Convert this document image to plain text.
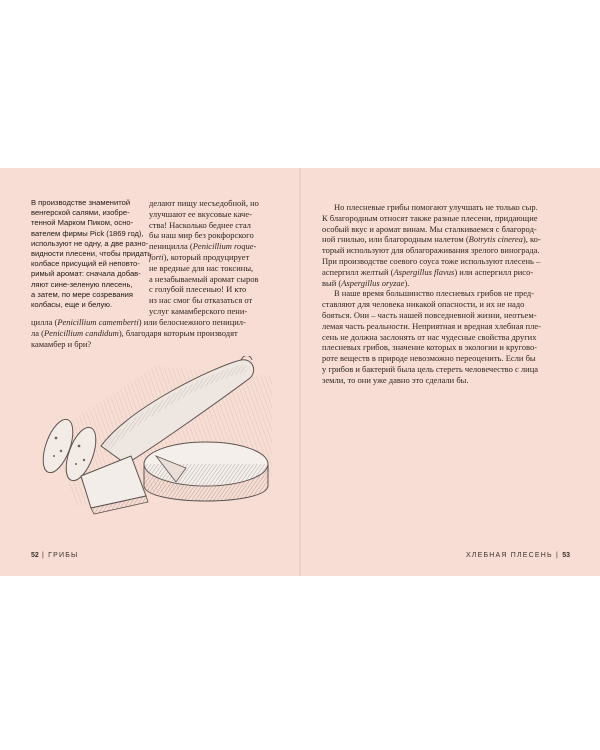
В производстве знаменитой
венгерской салями, изобре-
тенной Марком Пиком, осно-
вателем фирмы Pick (1869 год),
используют не одну, а две разно-
видности плесени, чтобы придать
колбасе присущий ей неповто-
римый аромат: сначала добав-
ляют сине-зеленую плесень,
а затем, по мере созревания
колбасы, еще и белую.
делают пищу несъедобной, но
улучшают ее вкусовые каче-
ства! Насколько беднее стал
бы наш мир без рокфорского
пеницилла (Penicillium roque-
forti), который продуцирует
не вредные для нас токсины,
а незабываемый аромат сыров
с голубой плесенью! И кто
из нас смог бы отказаться от
услуг камамберского пени-
цилла (Penicillium camemberti) или белоснежного пеницил-
ла (Penicillium candidum), благодаря которым производят
камамбер и бри?
Но плесневые грибы помогают улучшать не только сыр.
К благородным относят также разные плесени, придающие
особый вкус и аромат винам. Мы сталкиваемся с благород-
ной гнилью, или благородным налетом (Botrytis cinerea), ко-
торый используют для облагораживания зрелого винограда.
При производстве соевого соуса тоже используют плесень –
аспергилл желтый (Aspergillus flavus) или аспергилл рисо-
вый (Aspergillus oryzae).
В наше время большинство плесневых грибов не пред-
ставляют для человека никакой опасности, и их не надо
бояться. Они – часть нашей повседневной жизни, неотъем-
лемая часть реальности. Неприятная и вредная хлебная пле-
сень не должна заслонять от нас чудесные свойства других
плесневых грибов, значение которых в экологии и кругово-
роте веществ в природе невозможно переоценить. Если бы
у грибов и бактерий была цель стереть человечество с лица
земли, то они уже давно это сделали бы.
52 | ГРИБЫ	ХЛЕБНАЯ ПЛЕСЕНЬ | 53
